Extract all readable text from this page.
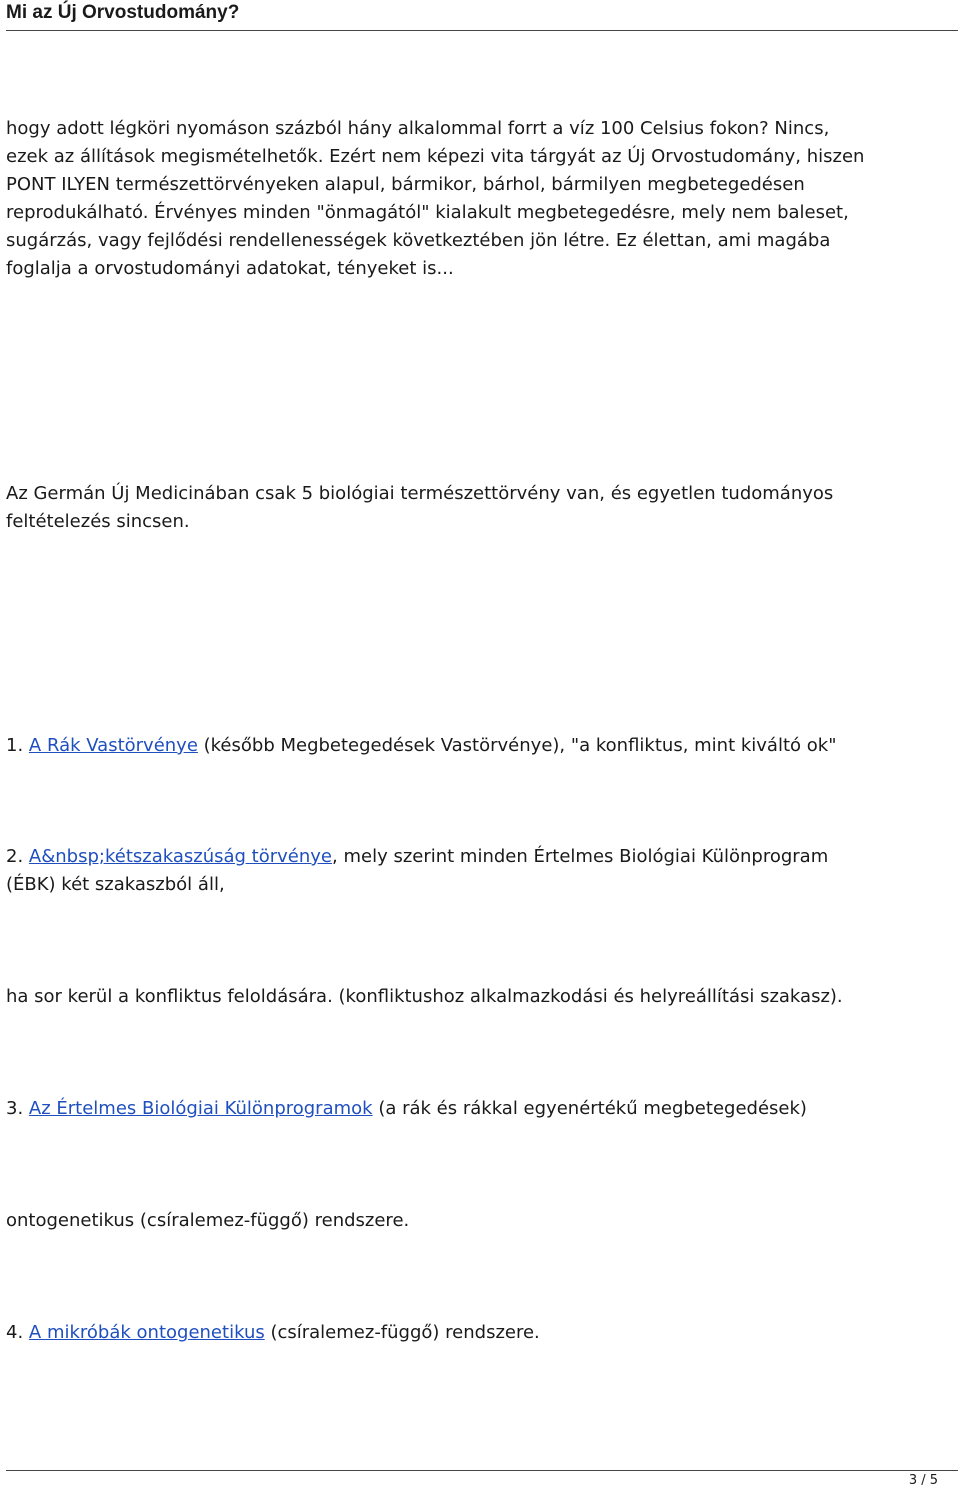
Mi az Új Orvostudomány?

hogy adott légköri nyomáson százból hány alkalommal forrt a víz 100 Celsius fokon? Nincs,
ezek az állítások megismételhetők. Ezért nem képezi vita tárgyát az Új Orvostudomány, hiszen
PONT ILYEN természettörvényeken alapul, bármikor, bárhol, bármilyen megbetegedésen
reprodukálható. Érvényes minden "önmagától" kialakult megbetegedésre, mely nem baleset,
sugárzás, vagy fejlődési rendellenességek következtében jön létre. Ez élettan, ami magába
foglalja a orvostudományi adatokat, tényeket is...

Az Germán Új Medicinában csak 5 biológiai természettörvény van, és egyetlen tudományos
feltételezés sincsen.

1. A Rák Vastörvénye (később Megbetegedések Vastörvénye), "a konfliktus, mint kiváltó ok"

2. A&nbsp;kétszakaszúság törvénye, mely szerint minden Értelmes Biológiai Különprogram
(ÉBK) két szakaszból áll,

ha sor kerül a konfliktus feloldására. (konfliktushoz alkalmazkodási és helyreállítási szakasz).

3. Az Értelmes Biológiai Különprogramok (a rák és rákkal egyenértékű megbetegedések)

ontogenetikus (csíralemez-függő) rendszere.

4. A mikróbák ontogenetikus (csíralemez-függő) rendszere.

3 / 5
